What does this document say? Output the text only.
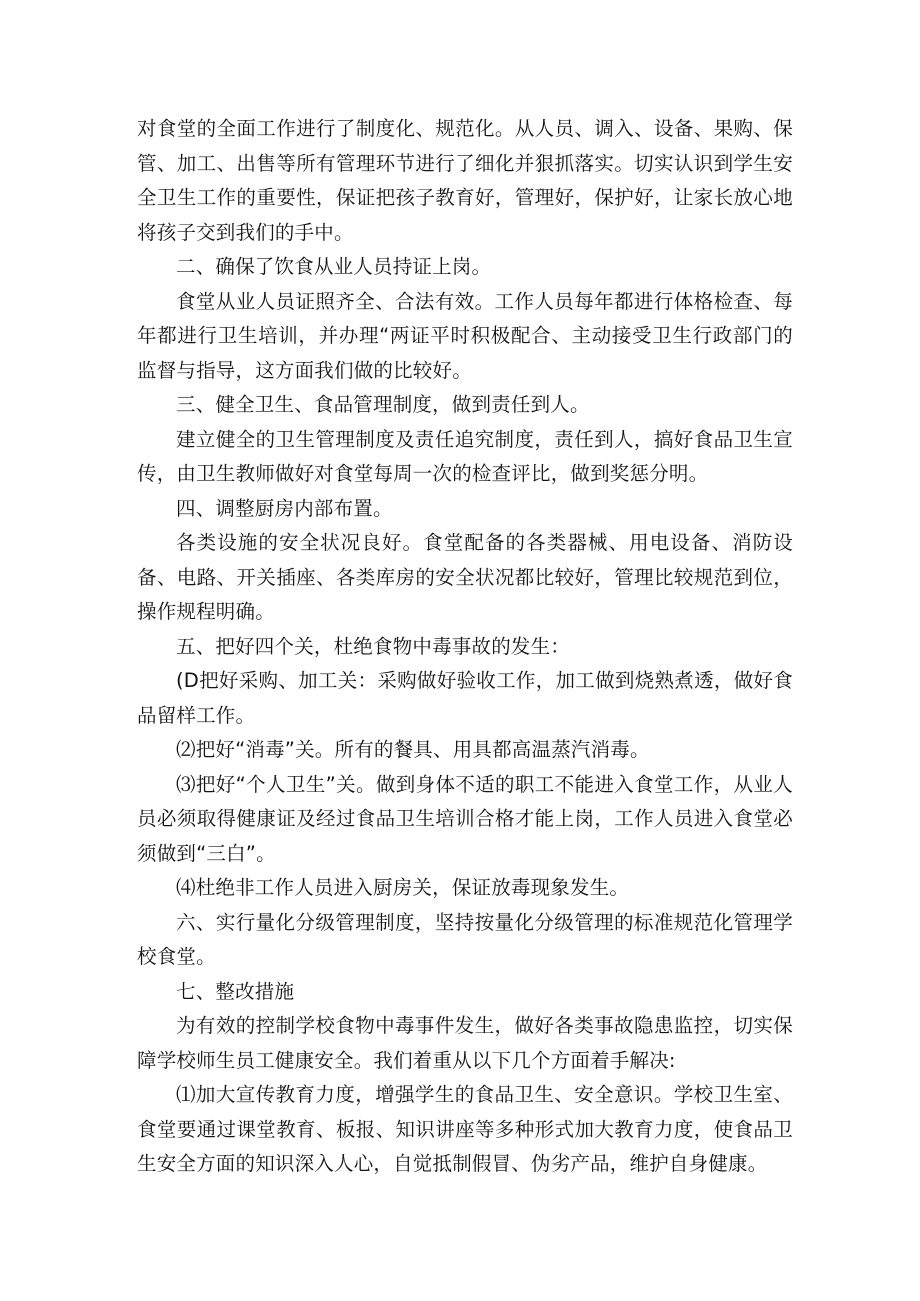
对食堂的全面工作进行了制度化、规范化。从人员、调入、设备、果购、保管、加工、出售等所有管理环节进行了细化并狠抓落实。切实认识到学生安全卫生工作的重要性，保证把孩子教育好，管理好，保护好，让家长放心地将孩子交到我们的手中。

二、确保了饮食从业人员持证上岗。

食堂从业人员证照齐全、合法有效。工作人员每年都进行体格检查、每年都进行卫生培训，并办理“两证平时积极配合、主动接受卫生行政部门的监督与指导，这方面我们做的比较好。

三、健全卫生、食品管理制度，做到责任到人。

建立健全的卫生管理制度及责任追究制度，责任到人，搞好食品卫生宣传，由卫生教师做好对食堂每周一次的检查评比，做到奖惩分明。

四、调整厨房内部布置。

各类设施的安全状况良好。食堂配备的各类器械、用电设备、消防设备、电路、开关插座、各类库房的安全状况都比较好，管理比较规范到位，操作规程明确。

五、把好四个关，杜绝食物中毒事故的发生：

(D把好采购、加工关：采购做好验收工作，加工做到烧熟煮透，做好食品留样工作。

⑵把好“消毒”关。所有的餐具、用具都高温蒸汽消毒。

⑶把好“个人卫生”关。做到身体不适的职工不能进入食堂工作，从业人员必须取得健康证及经过食品卫生培训合格才能上岗，工作人员进入食堂必须做到“三白”。

⑷杜绝非工作人员进入厨房关，保证放毒现象发生。

六、实行量化分级管理制度，坚持按量化分级管理的标准规范化管理学校食堂。

七、整改措施

为有效的控制学校食物中毒事件发生，做好各类事故隐患监控，切实保障学校师生员工健康安全。我们着重从以下几个方面着手解决:

⑴加大宣传教育力度，增强学生的食品卫生、安全意识。学校卫生室、食堂要通过课堂教育、板报、知识讲座等多种形式加大教育力度，使食品卫生安全方面的知识深入人心，自觉抵制假冒、伪劣产品，维护自身健康。
